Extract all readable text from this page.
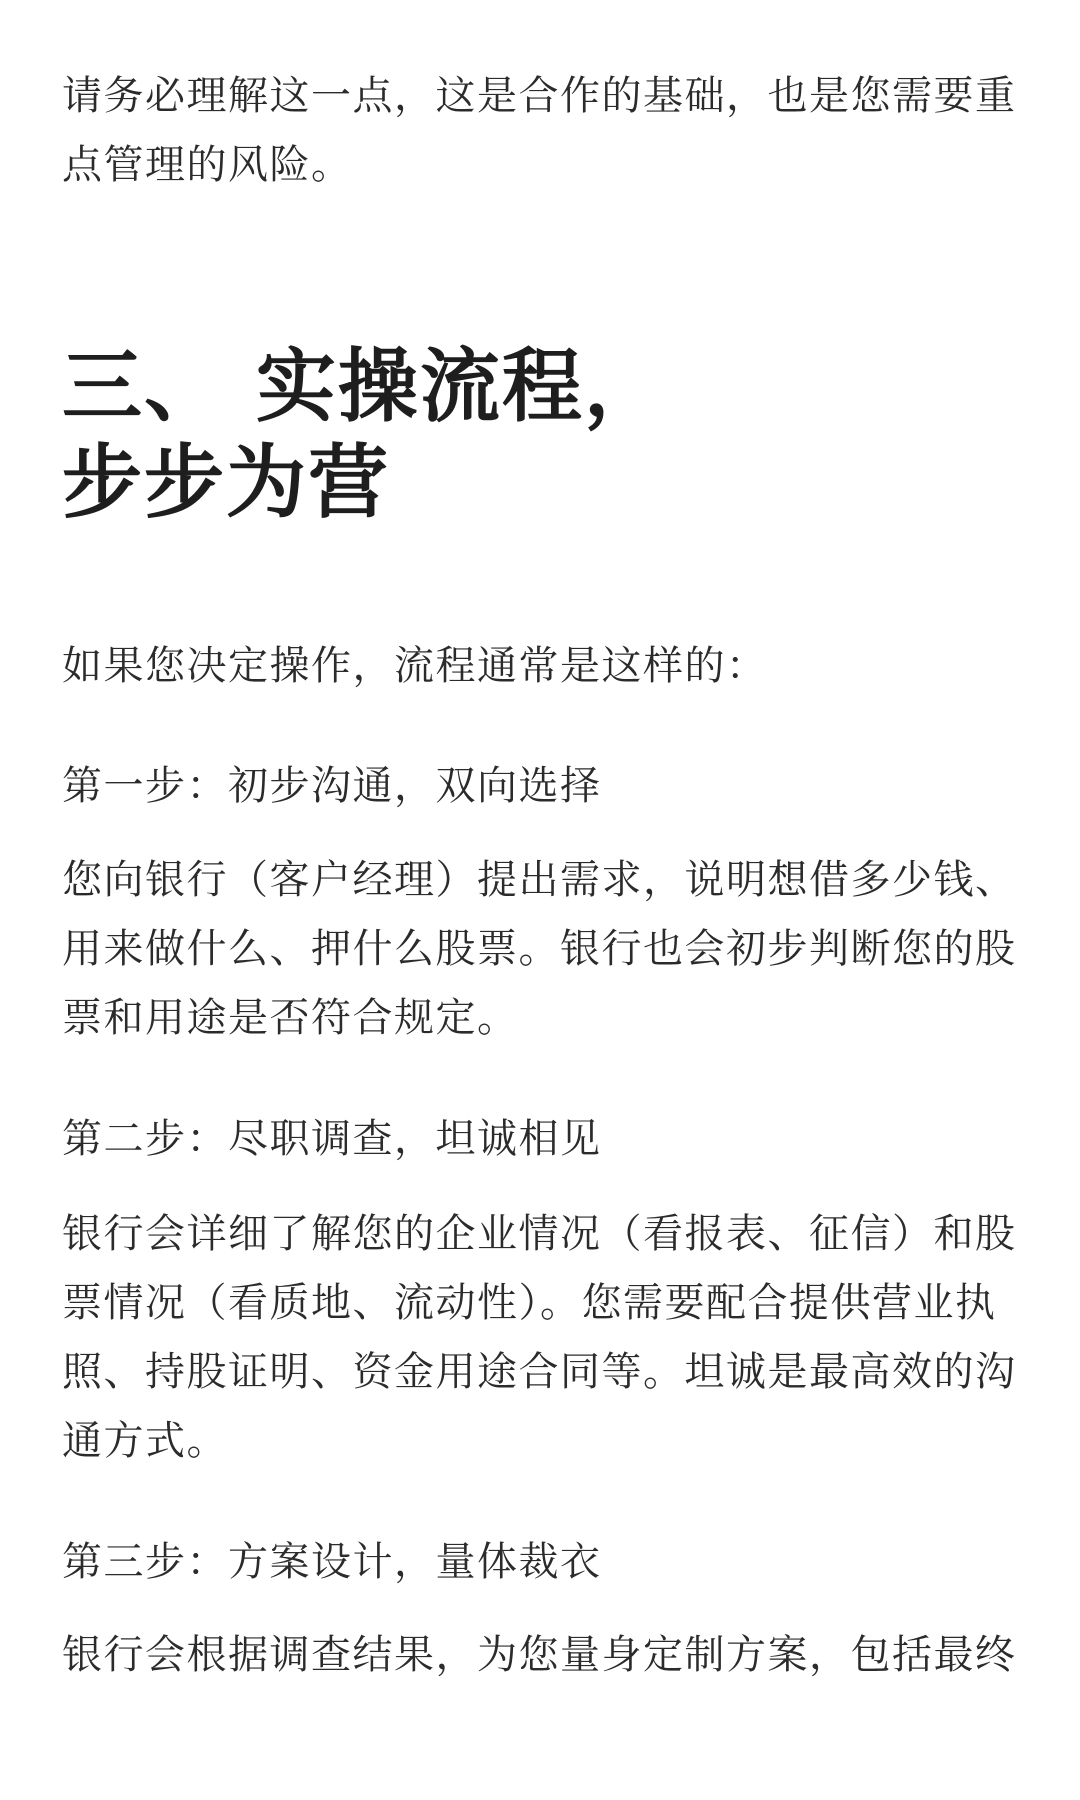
请务必理解这一点，这是合作的基础，也是您需要重
点管理的风险。

三、 实操流程，
步步为营

如果您决定操作，流程通常是这样的：

第一步：初步沟通，双向选择

您向银行（客户经理）提出需求，说明想借多少钱、
用来做什么、押什么股票。银行也会初步判断您的股
票和用途是否符合规定。

第二步：尽职调查，坦诚相见

银行会详细了解您的企业情况（看报表、征信）和股
票情况（看质地、流动性）。您需要配合提供营业执
照、持股证明、资金用途合同等。坦诚是最高效的沟
通方式。

第三步：方案设计，量体裁衣

银行会根据调查结果，为您量身定制方案，包括最终
